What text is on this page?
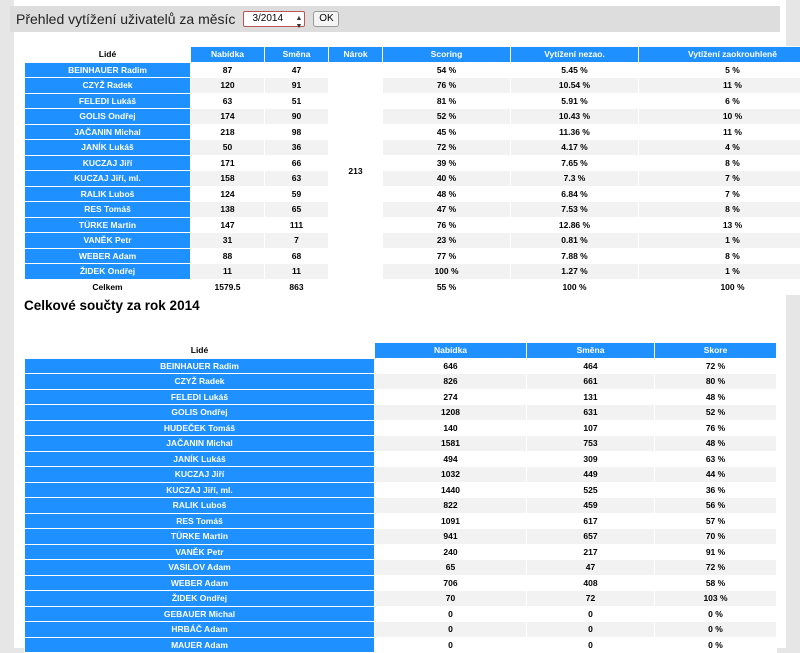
Přehled vytížení uživatelů za měsíc	3/2014 ▲
▼
OK
Lidé	Nabídka	Směna	Nárok	Scoring	Vytížení nezao.	Vytížení zaokrouhleně
BEINHAUER Radim	87	47	213	54 %	5.45 %	5 %
CZYŽ Radek	120	91		76 %	10.54 %	11 %
FELEDI Lukáš	63	51		81 %	5.91 %	6 %
GOLIS Ondřej	174	90		52 %	10.43 %	10 %
JAČANIN Michal	218	98		45 %	11.36 %	11 %
JANÍK Lukáš	50	36		72 %	4.17 %	4 %
KUCZAJ Jiří	171	66		39 %	7.65 %	8 %
KUCZAJ Jiří, ml.	158	63		40 %	7.3 %	7 %
RALIK Luboš	124	59		48 %	6.84 %	7 %
RES Tomáš	138	65		47 %	7.53 %	8 %
TÜRKE Martin	147	111		76 %	12.86 %	13 %
VANĚK Petr	31	7		23 %	0.81 %	1 %
WEBER Adam	88	68		77 %	7.88 %	8 %
ŽIDEK Ondřej	11	11		100 %	1.27 %	1 %
Celkem	1579.5	863		55 %	100 %	100 %
Celkové součty za rok 2014
Lidé	Nabídka	Směna	Skore
BEINHAUER Radim	646	464	72 %
CZYŽ Radek	826	661	80 %
FELEDI Lukáš	274	131	48 %
GOLIS Ondřej	1208	631	52 %
HUDEČEK Tomáš	140	107	76 %
JAČANIN Michal	1581	753	48 %
JANÍK Lukáš	494	309	63 %
KUCZAJ Jiří	1032	449	44 %
KUCZAJ Jiří, ml.	1440	525	36 %
RALIK Luboš	822	459	56 %
RES Tomáš	1091	617	57 %
TÜRKE Martin	941	657	70 %
VANĚK Petr	240	217	91 %
VASILOV Adam	65	47	72 %
WEBER Adam	706	408	58 %
ŽIDEK Ondřej	70	72	103 %
GEBAUER Michal	0	0	0 %
HRBÁČ Adam	0	0	0 %
MAUER Adam	0	0	0 %
